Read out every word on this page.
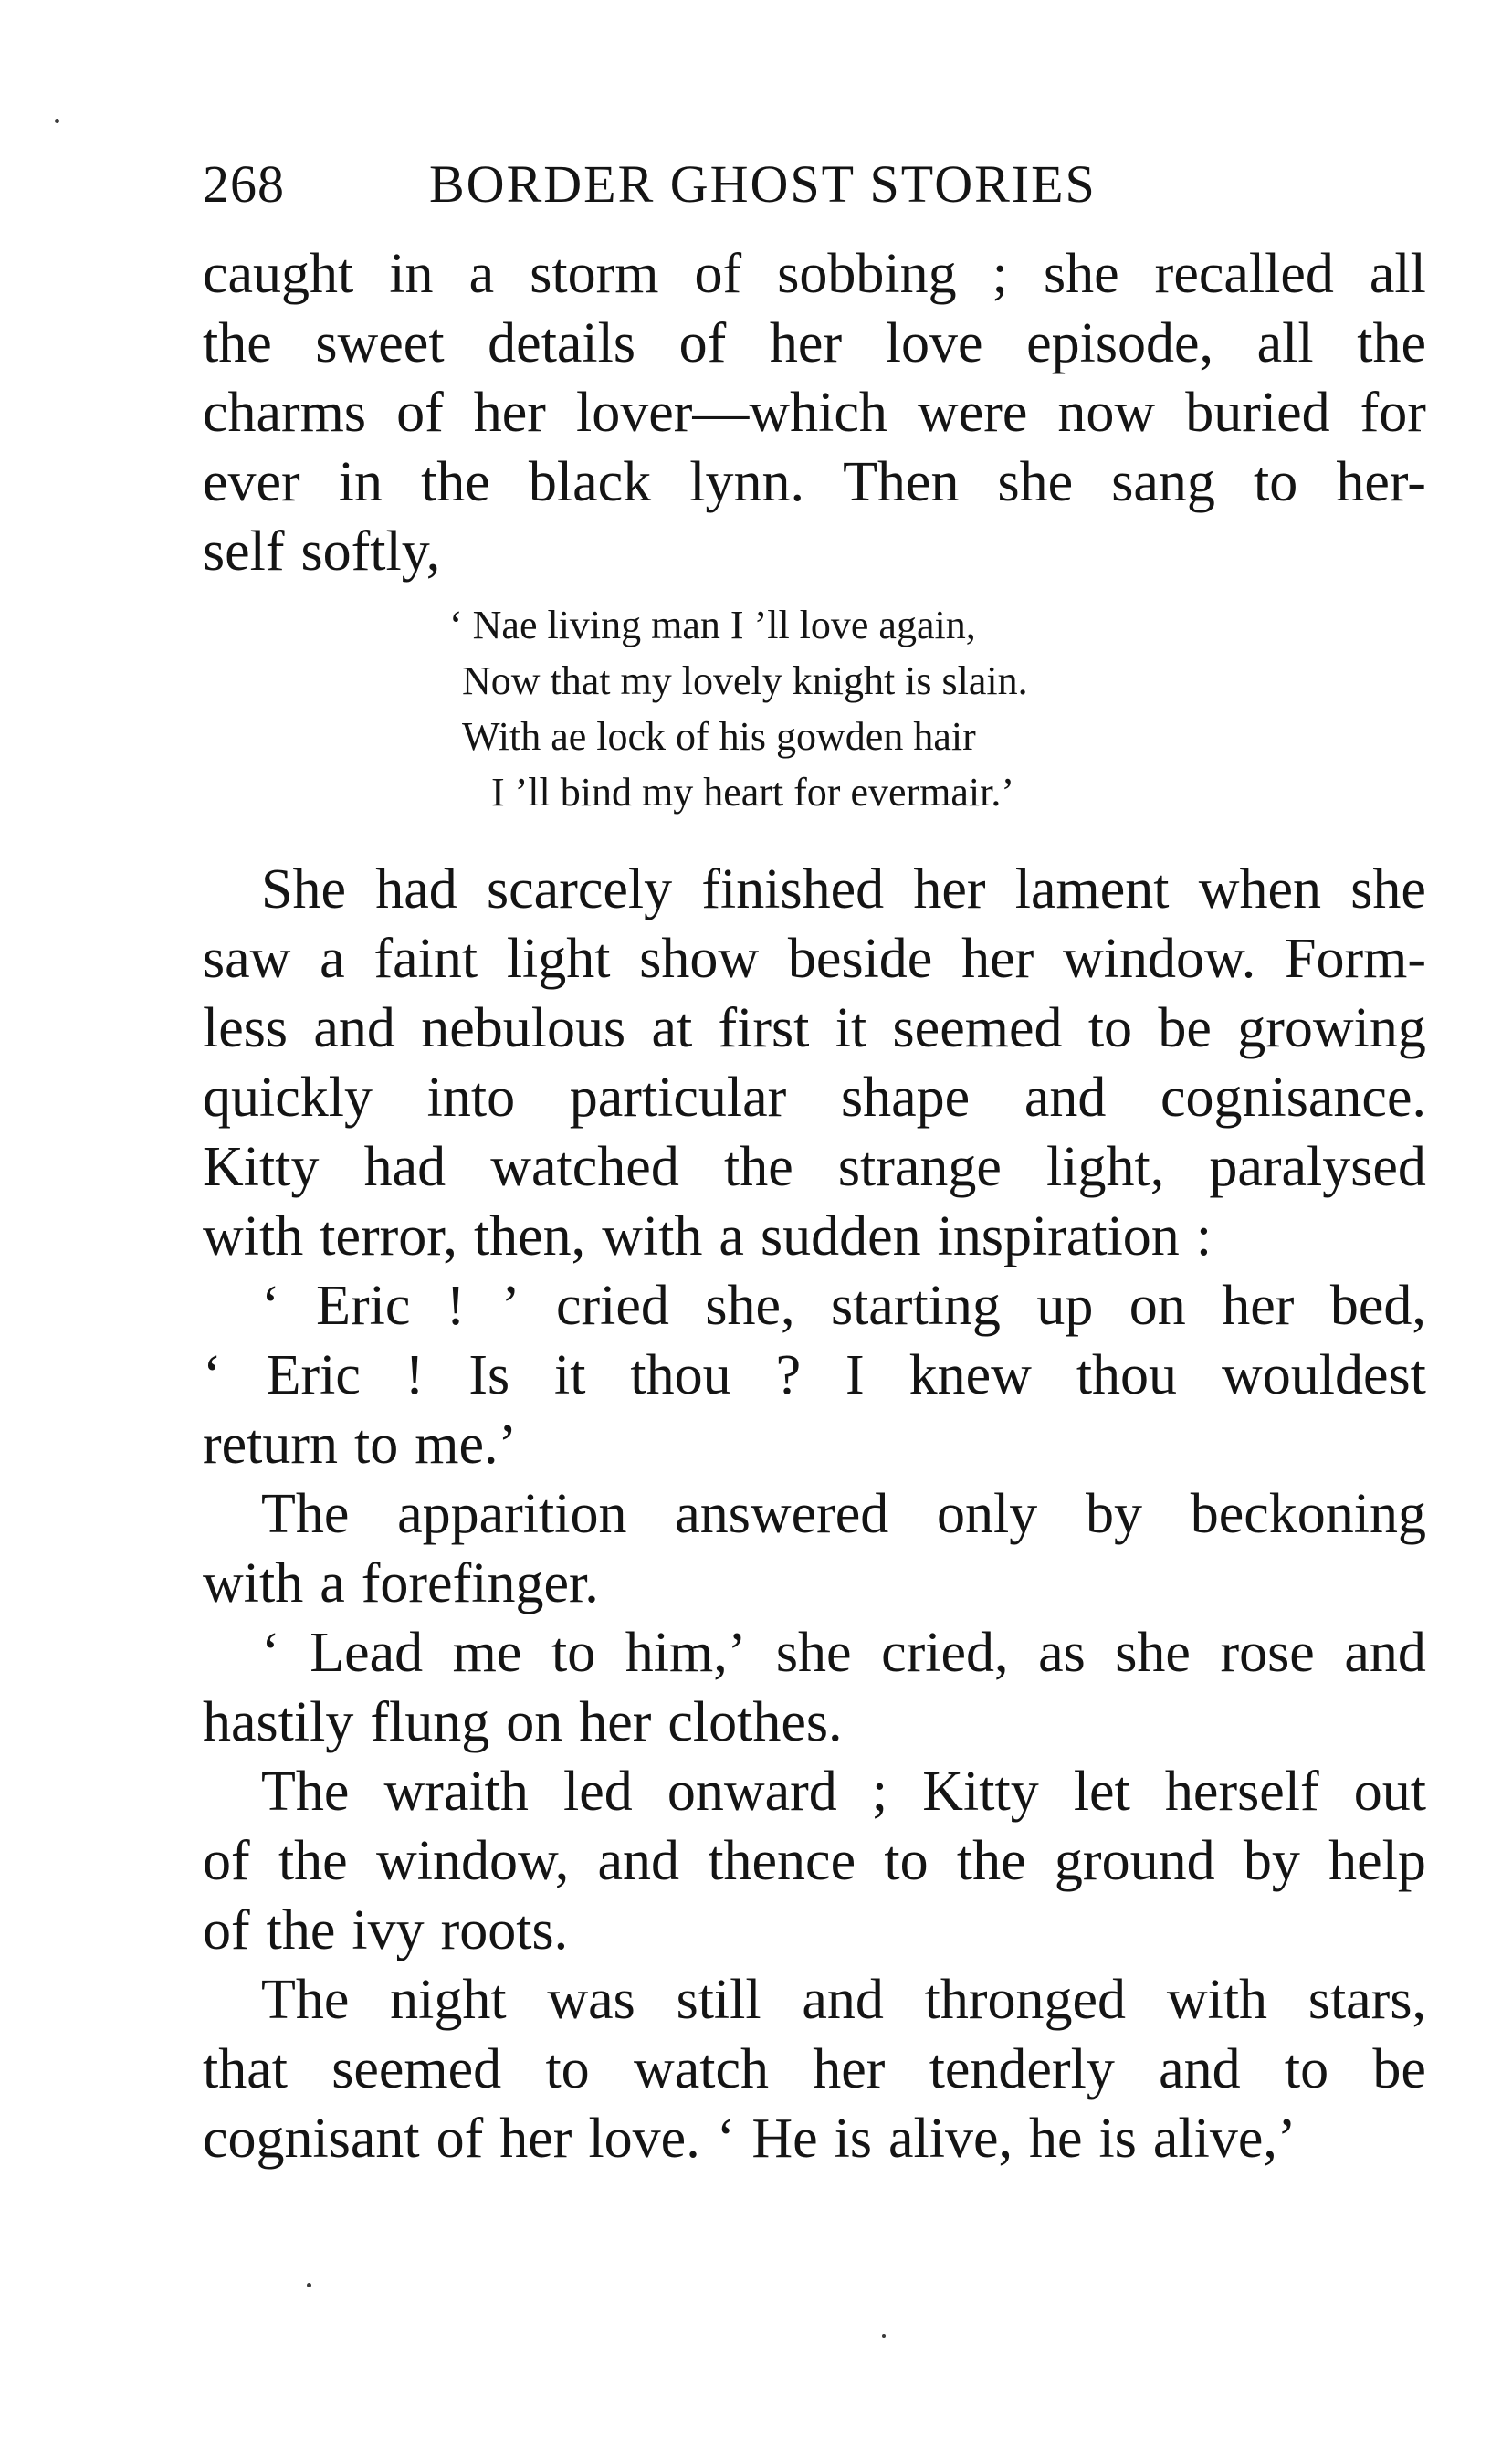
268	BORDER GHOST STORIES
caught in a storm of sobbing ; she recalled all
the sweet details of her love episode, all the
charms of her lover—which were now buried for
ever in the black lynn. Then she sang to her-
self softly,
‘ Nae living man I ’ll love again,
Now that my lovely knight is slain.
With ae lock of his gowden hair
I ’ll bind my heart for evermair.’
She had scarcely finished her lament when she
saw a faint light show beside her window. Form-
less and nebulous at first it seemed to be growing
quickly into particular shape and cognisance.
Kitty had watched the strange light, paralysed
with terror, then, with a sudden inspiration :
‘ Eric ! ’ cried she, starting up on her bed,
‘ Eric ! Is it thou ? I knew thou wouldest
return to me.’
The apparition answered only by beckoning
with a forefinger.
‘ Lead me to him,’ she cried, as she rose and
hastily flung on her clothes.
The wraith led onward ; Kitty let herself out
of the window, and thence to the ground by help
of the ivy roots.
The night was still and thronged with stars,
that seemed to watch her tenderly and to be
cognisant of her love. ‘ He is alive, he is alive,’
